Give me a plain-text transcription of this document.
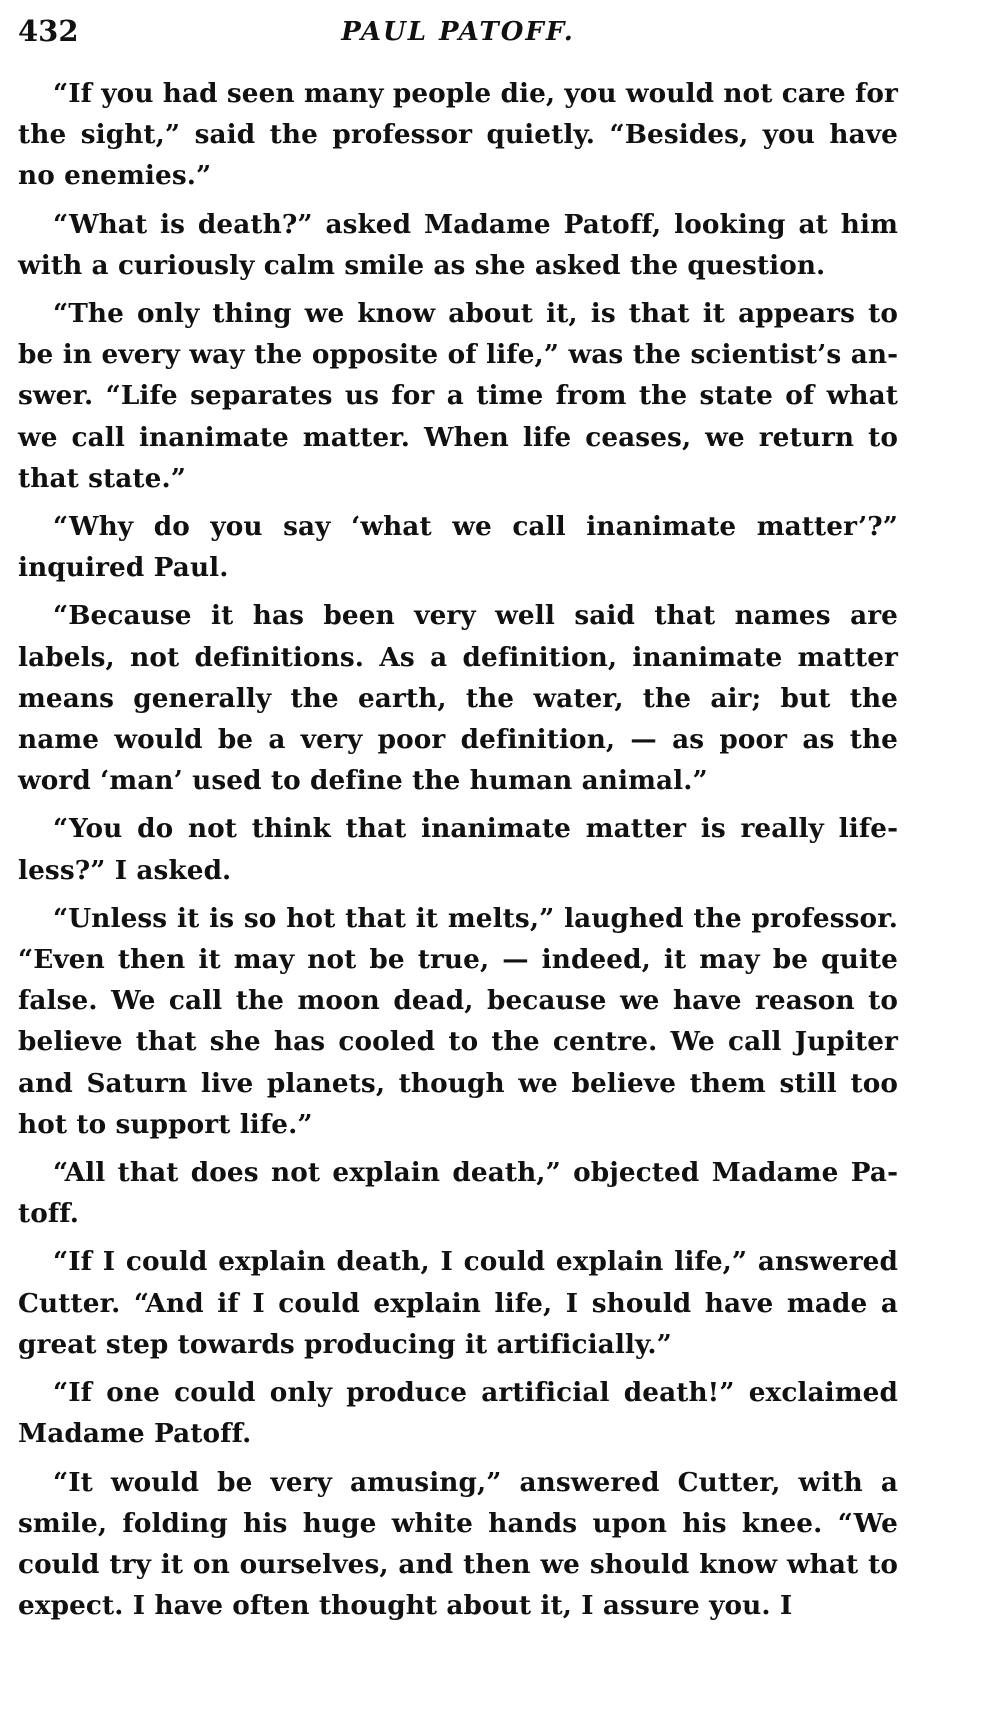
432	PAUL PATOFF.

“If you had seen many people die, you would not care for the sight,” said the professor quietly. “Besides, you have no enemies.”

“What is death?” asked Madame Patoff, looking at him with a curiously calm smile as she asked the question.

“The only thing we know about it, is that it appears to be in every way the opposite of life,” was the scientist’s answer. “Life separates us for a time from the state of what we call inanimate matter. When life ceases, we return to that state.”

“Why do you say ‘what we call inanimate matter’?” inquired Paul.

“Because it has been very well said that names are labels, not definitions. As a definition, inanimate matter means generally the earth, the water, the air; but the name would be a very poor definition, — as poor as the word ‘man’ used to define the human animal.”

“You do not think that inanimate matter is really lifeless?” I asked.

“Unless it is so hot that it melts,” laughed the professor. “Even then it may not be true, — indeed, it may be quite false. We call the moon dead, because we have reason to believe that she has cooled to the centre. We call Jupiter and Saturn live planets, though we believe them still too hot to support life.”

“All that does not explain death,” objected Madame Patoff.

“If I could explain death, I could explain life,” answered Cutter. “And if I could explain life, I should have made a great step towards producing it artificially.”

“If one could only produce artificial death!” exclaimed Madame Patoff.

“It would be very amusing,” answered Cutter, with a smile, folding his huge white hands upon his knee. “We could try it on ourselves, and then we should know what to expect. I have often thought about it, I assure you. I
